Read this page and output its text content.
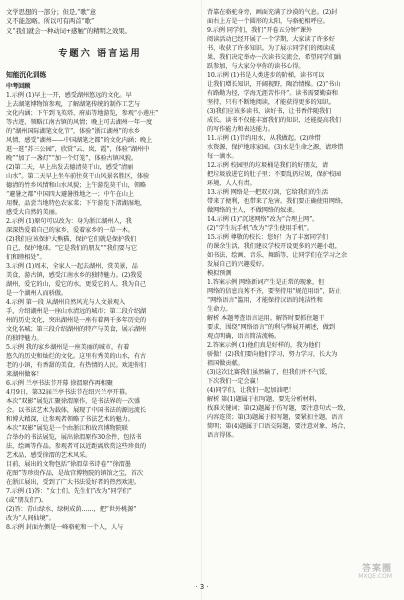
文学思想的一部分；但是,“歌”意
义不能忽略。所以可有两首“歌”
义“我们就会一种动词+感触”的精明之效果。
专题六 语言运用
知能沉化训练
中考回顾
1.示例 (1)早上一开，感受湖州悠远的文化。早
上去湖笔博物馆参观，了解湖笔传统的制作工艺与
文化内涵；下午到飞英塔、府庙等地游览，参观“小莲庄”
等古迹，领略江南古镇的风情；晚上可去湖州一年一度
的“湖州国际湖笔文化节”，体验“浙江湖州”的水乡
风情，感受“湖州——中国湖笔之都”的文化内涵；晚上
逛一逛“苏三公园”，欣赏“云、岚、霞”，体验“湖州中
晚”“加了一盏灯”“加一个灯笼”，体验古镇风貌。
(2)第二天，早上出发去德清莫干山，感受“清丽
山水”。第二天早上坐车前往莫干山风景名胜区，体验
德清的竹乡风情和山水风貌；上午游览莫干山，领略
“避暑之都”中国四大避暑胜地之一；中午在山上
用餐，品尝当地特色农家菜；下午游览下渚湖湿地，
感受大自然的美丽。
2.示例 (1)原句可以改为：身为浙江湖州人，我
深深热爱着自己的家乡，爱着家乡的一草一木。
(2)我们应该保护大熊猫，保护它们就是保护我们
自己，保护地球。“它是我们的朋友”“我们要与它
们和睦相处”。
3.示例 (1)周末，全家人一起去湖州，赏美景，品
美食，游古镇，感受江南水乡的独特魅力。(2)我爱
湖州，爱它的山，爱它的水，更爱它的人。我为自己
是一个湖州人而骄傲。
4.示例 第一段 从湖州自然风光与人文景观入
手，介绍湖州是一座山水清远的城市；第二段介绍湖
州的历史文化，突出湖州是一座有着两千多年历史的
文化名城；第三段介绍湖州的特产与美食，展示湖州
的独特魅力。
5.示例 我的家乡湖州是一座美丽的城市，有着
悠久的历史和灿烂的文化。这里有秀美的山水，有古
老的小镇，有香甜的美食，有热情的人民。欢迎你们
来湖州做客！
6.示例 兰亭书法节开幕 徐渭原作再相聚
4月9日，第32届兰亭书法节在绍兴兰亭开幕。
本次“双影”展览汇聚徐渭原作，是书法界的一次盛
会。以书法艺术为载体，展现了中国书法的源远流长
和博大精深，让参观者领略了书法艺术的魅力。
本次“双影”展览是一个由浙江和故宫博物院联
合举办的书法展览，展出徐渭原作30余件，包括书
法、绘画等作品。参观者可以近距离欣赏这些珍贵的
艺术品，感受徐渭的艺术风采。
目前，展出的文物包括“徐渭草书诗卷”“徐渭墨
花图”等珍贵作品，是故宫博物院的镇馆之宝，首次
在浙江展出，受到了广大书法爱好者的热烈欢迎。
7.示例 (1)答：“女士们、先生们”改为“同学们”
(或“朋友们”)。
(2)答：青山绿水、绿树成荫……，把“世外桃源”
改为“人间仙境”。
8.示例 封面左侧是一峰骆驼和一个人，人与
背靠在骆驼身旁，画面充满了沙漠的气息。(2)封
面右上方是一个圆形的太阳，与骆驼相呼应。
9.示例 同学们，我们“开卷五分钟”课外
阅读活动已经开展了一个学期，大家读了许多好
书，收获了许多知识。为了展示同学们的阅读成
果，我们决定举办一次读书交流会，希望同学们踊
跃参加，与大家分享你的读书心得。
10.示例 (1)书是人类进步的阶梯，读书可以
让我们增长知识，开阔视野，陶冶情操。(2)“书山
有路勤为径，学海无涯苦作舟”。读书需要勤奋和
坚持，只有不断地阅读，才能获得更多的知识。
(3)我们应该多读书，读好书，让书香伴随我们
成长。读书不仅能丰富我们的知识，还能提高我们
的写作能力和表达能力。
11.示例 (1)节约用水，从我做起。(2)珍惜
水资源，保护地球家园。(3)水是生命之源，请珍惜
每一滴水。
12.示例 校园里的垃圾桶是我们的好朋友，请
把垃圾放进它的肚子里；不要乱扔垃圾，保护校园
环境，人人有责。
13.示例 网络是一把双刃剑，它给我们的生活
带来了便利，也带来了危害。我们要正确使用网络，
做网络的主人，不做网络的奴隶。
14.示例 (1)“沉迷网络”改为“合理上网”。
(2)“学生玩手机”改为“学生使用手机”。
15.示例 尊敬的校长：您好！为了丰富同学们
的课余生活，我们建议学校开设更多的兴趣小组，
如书法、绘画、音乐、舞蹈等，让同学们在学习之余
发展自己的兴趣爱好。
模拟预测
1.答案示例 网络新词产生是正常的现象，但
网络的信息良莠不齐，要坚持用“规范用语”，防止
“网络语言”滥用，才能保持汉语的纯洁性和
生命力。
解析 本题考查语言运用。解答时要抓住题干
要求，围绕“网络语言”的利与弊展开阐述，做到
观点明确，语言简洁流畅。
2.答案示例 (1)他们真是好样的，我为他们
骄傲！(2)我们要向他们学习，努力学习，长大为
祖国做贡献。
(3)这次比赛我们虽然输了，但我们并不气馁，
下次我们一定会赢！
(4)同学们，让我们一起加油吧！
解析 第(1)题属于扣写题，要先分析材料，
找准关键词；第(2)题属于仿写题，要注意句式一致，
内容连贯；第(3)题属于拟写题，要紧扣主题，语言
简明；第(4)题属于口语交际题，要注意对象、场合，
语言得体。
· 3 ·
答案圈
MXQE.COM
